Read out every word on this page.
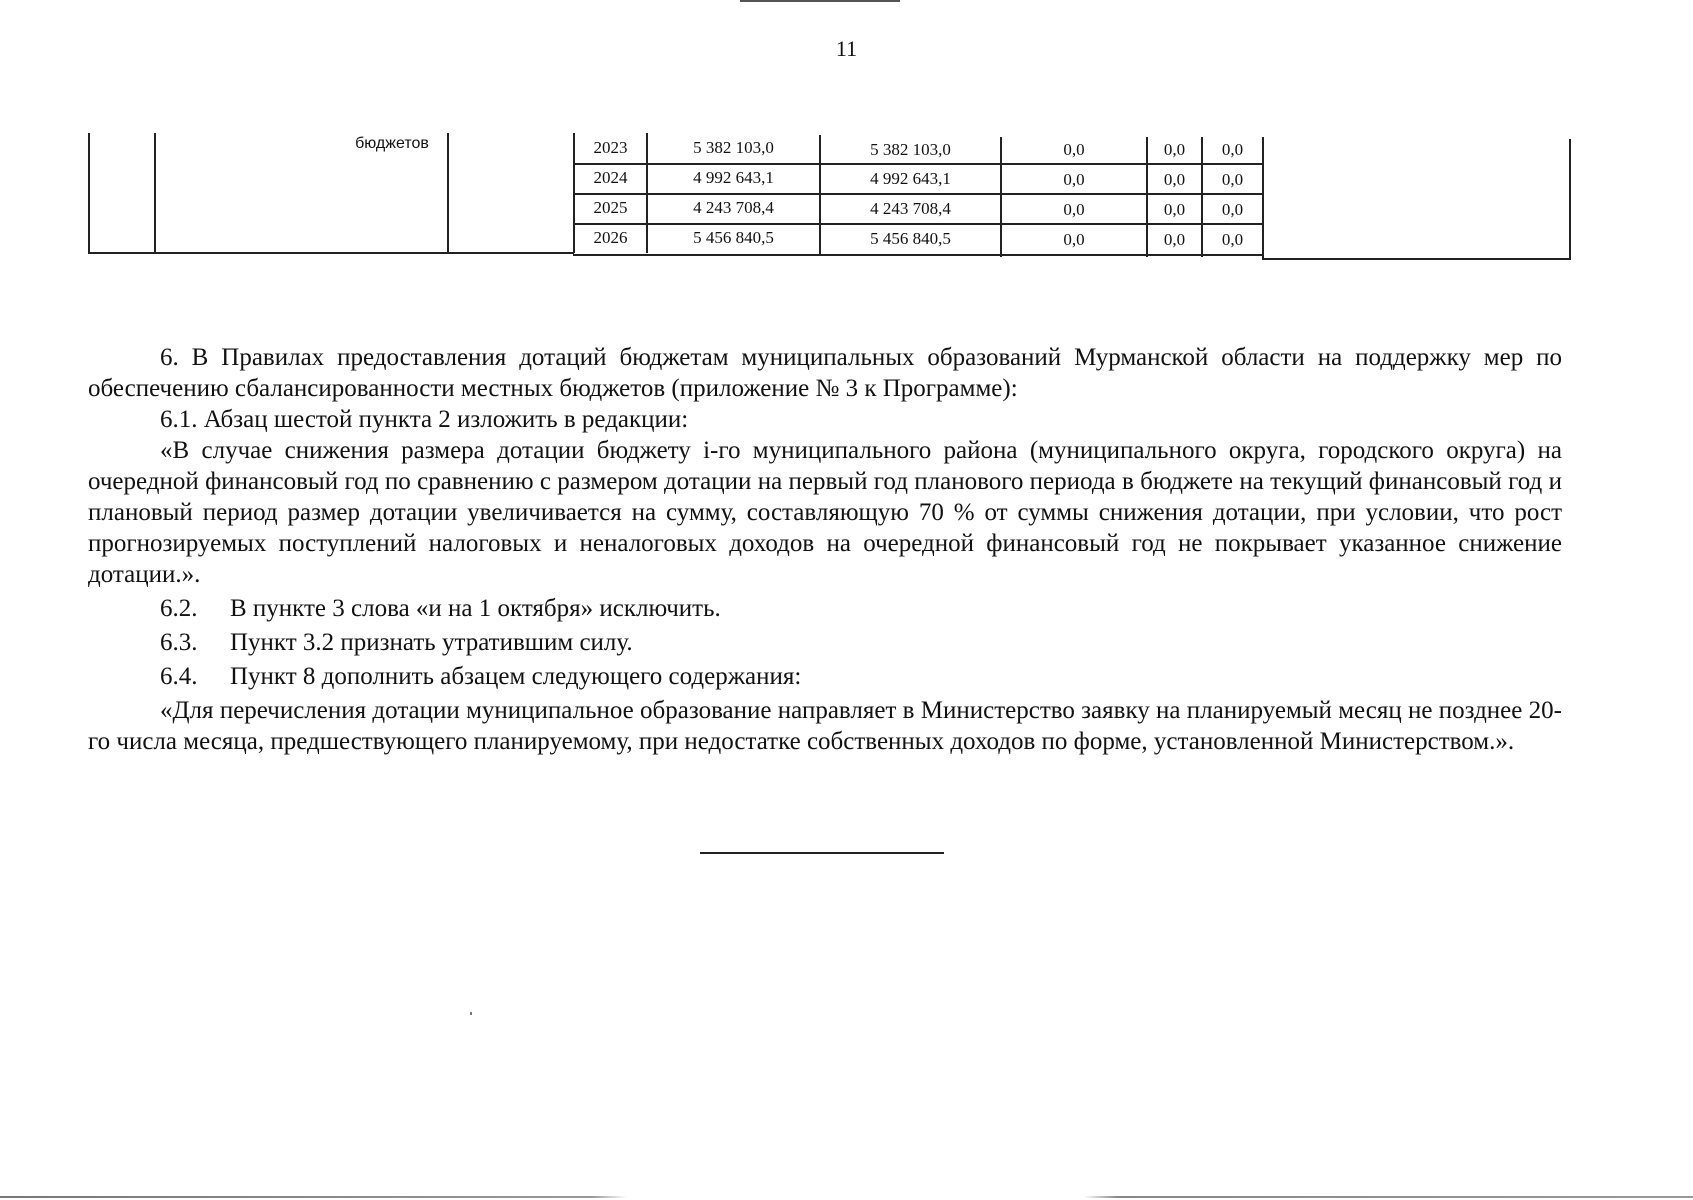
11
бюджетов	2023	5 382 103,0	5 382 103,0	0,0	0,0	0,0
2024	4 992 643,1	4 992 643,1	0,0	0,0	0,0
2025	4 243 708,4	4 243 708,4	0,0	0,0	0,0
2026	5 456 840,5	5 456 840,5	0,0	0,0	0,0

6. В Правилах предоставления дотаций бюджетам муниципальных образований Мурманской области на поддержку мер по обеспечению сбалансированности местных бюджетов (приложение № 3 к Программе):

6.1. Абзац шестой пункта 2 изложить в редакции:

«В случае снижения размера дотации бюджету i-го муниципального района (муниципального округа, городского округа) на очередной финансовый год по сравнению с размером дотации на первый год планового периода в бюджете на текущий финансовый год и плановый период размер дотации увеличивается на сумму, составляющую 70 % от суммы снижения дотации, при условии, что рост прогнозируемых поступлений налоговых и неналоговых доходов на очередной финансовый год не покрывает указанное снижение дотации.».

6.2. В пункте 3 слова «и на 1 октября» исключить.

6.3. Пункт 3.2 признать утратившим силу.

6.4. Пункт 8 дополнить абзацем следующего содержания:

«Для перечисления дотации муниципальное образование направляет в Министерство заявку на планируемый месяц не позднее 20-го числа месяца, предшествующего планируемому, при недостатке собственных доходов по форме, установленной Министерством.».
